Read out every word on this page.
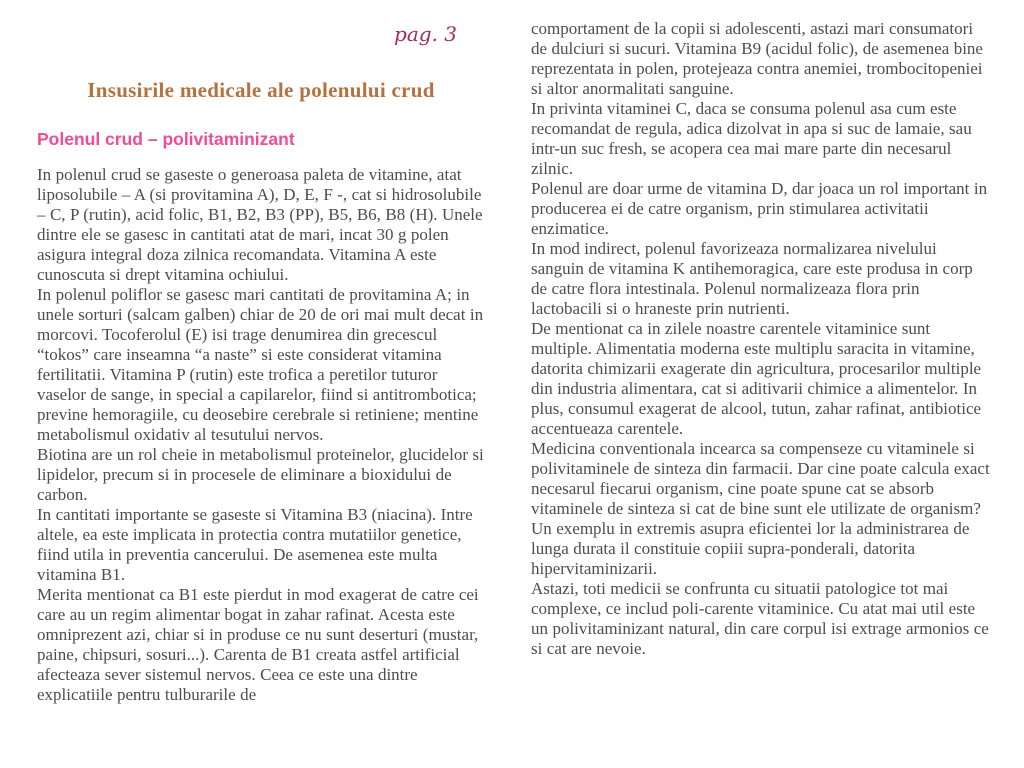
pag. 3
Insusirile medicale ale polenului crud
Polenul crud – polivitaminizant

In polenul crud se gaseste o generoasa paleta de vitamine, atat liposolubile – A (si provitamina A), D, E, F -, cat si hidrosolubile – C, P (rutin), acid folic, B1, B2, B3 (PP), B5, B6, B8 (H). Unele dintre ele se gasesc in cantitati atat de mari, incat 30 g polen asigura integral doza zilnica recomandata. Vitamina A este cunoscuta si drept vitamina ochiului.

In polenul poliflor se gasesc mari cantitati de provitamina A; in unele sorturi (salcam galben) chiar de 20 de ori mai mult decat in morcovi. Tocoferolul (E) isi trage denumirea din grecescul “tokos” care inseamna “a naste” si este considerat vitamina fertilitatii. Vitamina P (rutin) este trofica a peretilor tuturor vaselor de sange, in special a capilarelor, fiind si antitrombotica; previne hemoragiile, cu deosebire cerebrale si retiniene; mentine metabolismul oxidativ al tesutului nervos.

Biotina are un rol cheie in metabolismul proteinelor, glucidelor si lipidelor, precum si in procesele de eliminare a bioxidului de carbon.

In cantitati importante se gaseste si Vitamina B3 (niacina). Intre altele, ea este implicata in protectia contra mutatiilor genetice, fiind utila in preventia cancerului. De asemenea este multa vitamina B1.

Merita mentionat ca B1 este pierdut in mod exagerat de catre cei care au un regim alimentar bogat in zahar rafinat. Acesta este omniprezent azi, chiar si in produse ce nu sunt deserturi (mustar, paine, chipsuri, sosuri...). Carenta de B1 creata astfel artificial afecteaza sever sistemul nervos. Ceea ce este una dintre explicatiile pentru tulburarile de

comportament de la copii si adolescenti, astazi mari consumatori de dulciuri si sucuri. Vitamina B9 (acidul folic), de asemenea bine reprezentata in polen, protejeaza contra anemiei, trombocitopeniei si altor anormalitati sanguine.

In privinta vitaminei C, daca se consuma polenul asa cum este recomandat de regula, adica dizolvat in apa si suc de lamaie, sau intr-un suc fresh, se acopera cea mai mare parte din necesarul zilnic.

Polenul are doar urme de vitamina D, dar joaca un rol important in producerea ei de catre organism, prin stimularea activitatii enzimatice.

In mod indirect, polenul favorizeaza normalizarea nivelului sanguin de vitamina K antihemoragica, care este produsa in corp de catre flora intestinala. Polenul normalizeaza flora prin lactobacili si o hraneste prin nutrienti.

De mentionat ca in zilele noastre carentele vitaminice sunt multiple. Alimentatia moderna este multiplu saracita in vitamine, datorita chimizarii exagerate din agricultura, procesarilor multiple din industria alimentara, cat si aditivarii chimice a alimentelor. In plus, consumul exagerat de alcool, tutun, zahar rafinat, antibiotice accentueaza carentele.

Medicina conventionala incearca sa compenseze cu vitaminele si polivitaminele de sinteza din farmacii. Dar cine poate calcula exact necesarul fiecarui organism, cine poate spune cat se absorb vitaminele de sinteza si cat de bine sunt ele utilizate de organism? Un exemplu in extremis asupra eficientei lor la administrarea de lunga durata il constituie copiii supra-ponderali, datorita hipervitaminizarii.

Astazi, toti medicii se confrunta cu situatii patologice tot mai complexe, ce includ poli-carente vitaminice. Cu atat mai util este un polivitaminizant natural, din care corpul isi extrage armonios ce si cat are nevoie.
